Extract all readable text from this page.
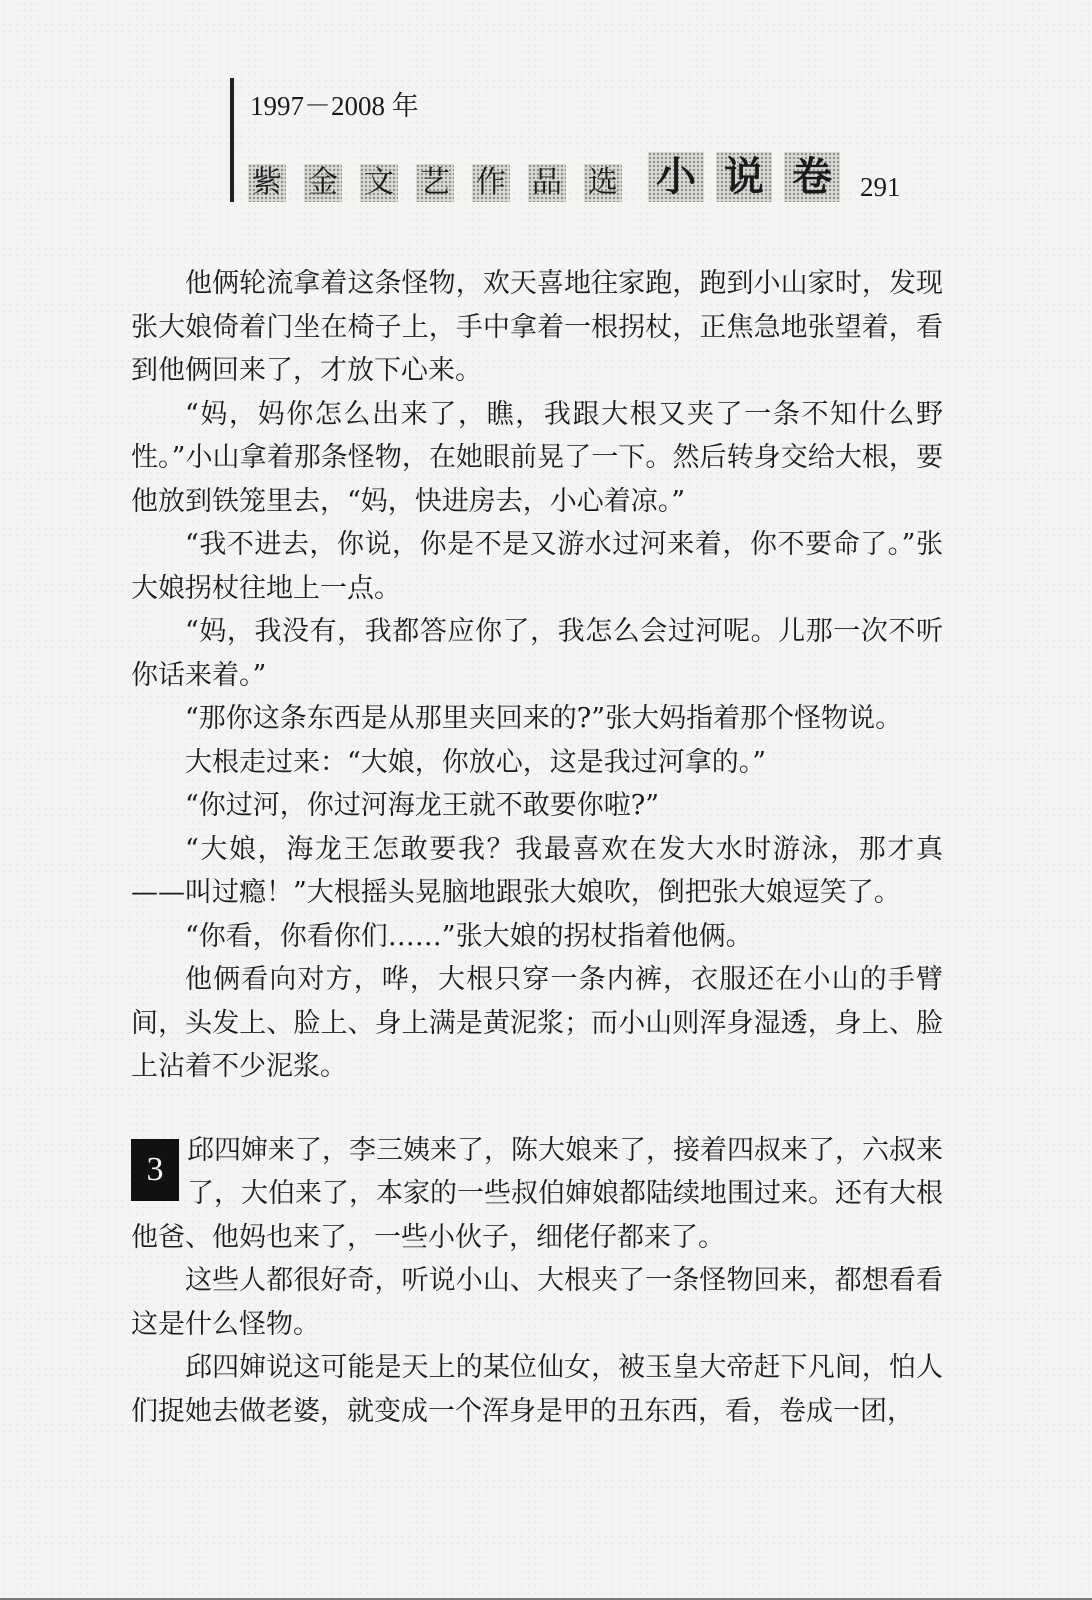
1997－2008 年
紫 金 文 艺 作 品 选 小 说 卷 291

他俩轮流拿着这条怪物，欢天喜地往家跑，跑到小山家时，发现张大娘倚着门坐在椅子上，手中拿着一根拐杖，正焦急地张望着，看到他俩回来了，才放下心来。

“妈，妈你怎么出来了，瞧，我跟大根又夹了一条不知什么野性。”小山拿着那条怪物，在她眼前晃了一下。然后转身交给大根，要他放到铁笼里去，“妈，快进房去，小心着凉。”

“我不进去，你说，你是不是又游水过河来着，你不要命了。”张大娘拐杖往地上一点。

“妈，我没有，我都答应你了，我怎么会过河呢。儿那一次不听你话来着。”

“那你这条东西是从那里夹回来的?”张大妈指着那个怪物说。

大根走过来：“大娘，你放心，这是我过河拿的。”

“你过河，你过河海龙王就不敢要你啦?”

“大娘，海龙王怎敢要我？我最喜欢在发大水时游泳，那才真——叫过瘾！”大根摇头晃脑地跟张大娘吹，倒把张大娘逗笑了。

“你看，你看你们……”张大娘的拐杖指着他俩。

他俩看向对方，哗，大根只穿一条内裤，衣服还在小山的手臂间，头发上、脸上、身上满是黄泥浆；而小山则浑身湿透，身上、脸上沾着不少泥浆。

3
邱四婶来了，李三姨来了，陈大娘来了，接着四叔来了，六叔来了，大伯来了，本家的一些叔伯婶娘都陆续地围过来。还有大根他爸、他妈也来了，一些小伙子，细佬仔都来了。

这些人都很好奇，听说小山、大根夹了一条怪物回来，都想看看这是什么怪物。

邱四婶说这可能是天上的某位仙女，被玉皇大帝赶下凡间，怕人们捉她去做老婆，就变成一个浑身是甲的丑东西，看，卷成一团，
